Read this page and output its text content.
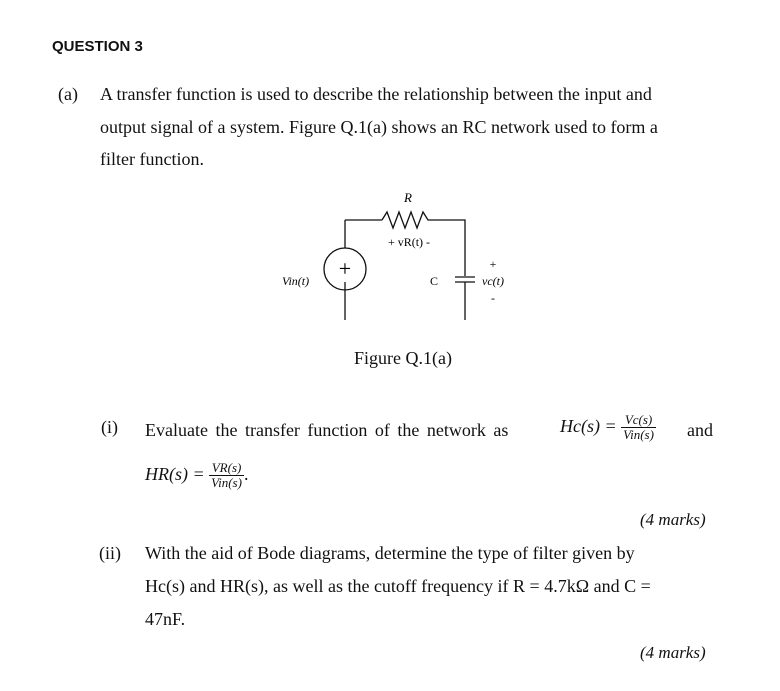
QUESTION 3
(a) A transfer function is used to describe the relationship between the input and
output signal of a system. Figure Q.1(a) shows an RC network used to form a
filter function.
+
R
+ vR(t) -
Vin(t)	C
+
vc(t)
-
Figure Q.1(a)
(i) Evaluate the transfer function of the network as	$Hc(s) = \frac{Vc(s)}{\text{Vin(s)}}$ and
$HR(s) = \frac{VR(s)}{\text{Vin(s)}}$ .
(4 marks)
(ii) With the aid of Bode diagrams, determine the type of filter given by
Hc(s) and HR(s), as well as the cutoff frequency if R = 4.7kΩ and C =
47nF.
(4 marks)
